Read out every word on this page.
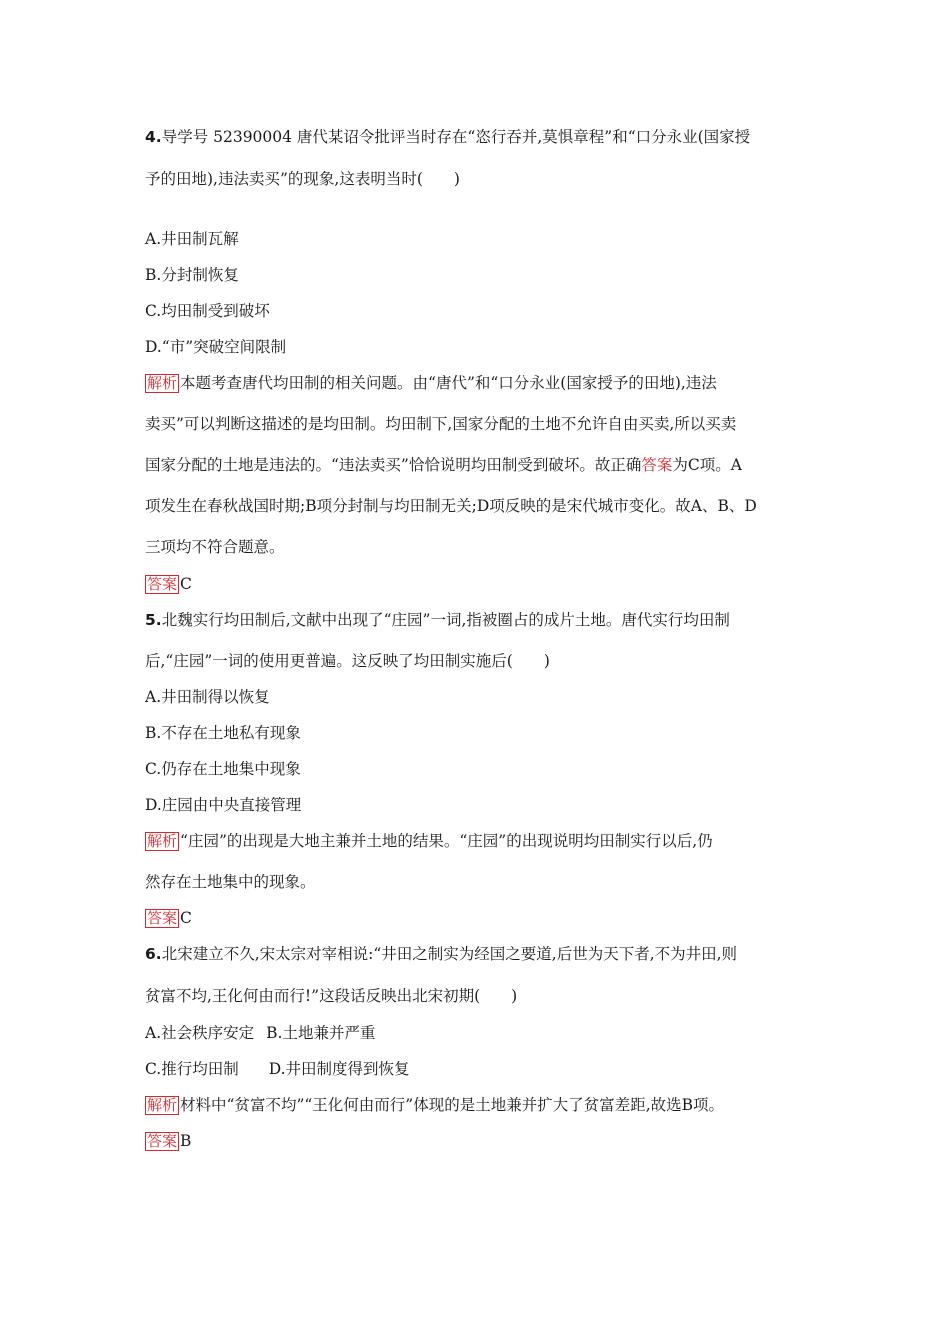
4.导学号 52390004 唐代某诏令批评当时存在“恣行吞并,莫惧章程”和“口分永业(国家授
予的田地),违法卖买”的现象,这表明当时(　　)
A.井田制瓦解
B.分封制恢复
C.均田制受到破坏
D.“市”突破空间限制
解析 本题考查唐代均田制的相关问题。由“唐代”和“口分永业(国家授予的田地),违法
卖买”可以判断这描述的是均田制。均田制下,国家分配的土地不允许自由买卖,所以买卖
国家分配的土地是违法的。“违法卖买”恰恰说明均田制受到破坏。故正确答案为C项。A
项发生在春秋战国时期;B项分封制与均田制无关;D项反映的是宋代城市变化。故A、B、D
三项均不符合题意。
答案 C
5.北魏实行均田制后,文献中出现了“庄园”一词,指被圈占的成片土地。唐代实行均田制
后,“庄园”一词的使用更普遍。这反映了均田制实施后(　　)
A.井田制得以恢复
B.不存在土地私有现象
C.仍存在土地集中现象
D.庄园由中央直接管理
解析 “庄园”的出现是大地主兼并土地的结果。“庄园”的出现说明均田制实行以后,仍
然存在土地集中的现象。
答案 C
6.北宋建立不久,宋太宗对宰相说:“井田之制实为经国之要道,后世为天下者,不为井田,则
贫富不均,王化何由而行!”这段话反映出北宋初期(　　)
A.社会秩序安定 B.土地兼并严重
C.推行均田制 D.井田制度得到恢复
解析 材料中“贫富不均”“王化何由而行”体现的是土地兼并扩大了贫富差距,故选B项。
答案 B
